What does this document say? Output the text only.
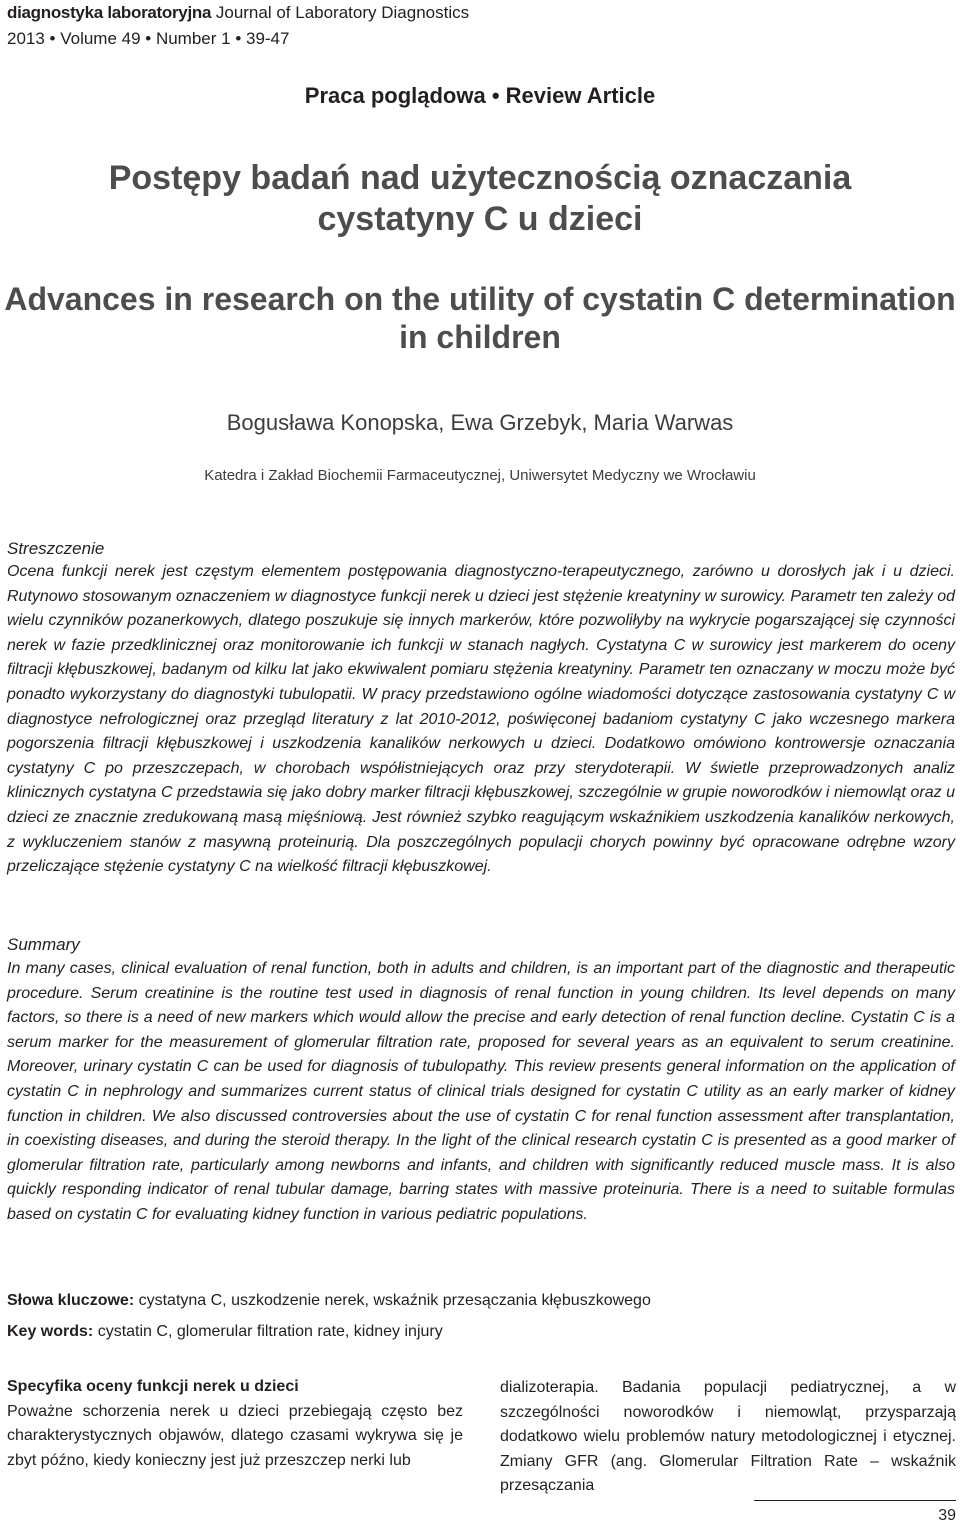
diagnostyka laboratoryjna Journal of Laboratory Diagnostics
2013 • Volume 49 • Number 1 • 39-47
Praca poglądowa • Review Article
Postępy badań nad użytecznością oznaczania cystatyny C u dzieci
Advances in research on the utility of cystatin C determination in children
Bogusława Konopska, Ewa Grzebyk, Maria Warwas
Katedra i Zakład Biochemii Farmaceutycznej, Uniwersytet Medyczny we Wrocławiu
Streszczenie

Ocena funkcji nerek jest częstym elementem postępowania diagnostyczno-terapeutycznego, zarówno u dorosłych jak i u dzieci. Rutynowo stosowanym oznaczeniem w diagnostyce funkcji nerek u dzieci jest stężenie kreatyniny w surowicy. Parametr ten zależy od wielu czynników pozanerkowych, dlatego poszukuje się innych markerów, które pozwoliłyby na wykrycie pogarszającej się czynności nerek w fazie przedklinicznej oraz monitorowanie ich funkcji w stanach nagłych. Cystatyna C w surowicy jest markerem do oceny filtracji kłębuszkowej, badanym od kilku lat jako ekwiwalent pomiaru stężenia kreatyniny. Parametr ten oznaczany w moczu może być ponadto wykorzystany do diagnostyki tubulopatii. W pracy przedstawiono ogólne wiadomości dotyczące zastosowania cystatyny C w diagnostyce nefrologicznej oraz przegląd literatury z lat 2010-2012, poświęconej badaniom cystatyny C jako wczesnego markera pogorszenia filtracji kłębuszkowej i uszkodzenia kanalików nerkowych u dzieci. Dodatkowo omówiono kontrowersje oznaczania cystatyny C po przeszczepach, w chorobach współistniejących oraz przy sterydoterapii. W świetle przeprowadzonych analiz klinicznych cystatyna C przedstawia się jako dobry marker filtracji kłębuszkowej, szczególnie w grupie noworodków i niemowląt oraz u dzieci ze znacznie zredukowaną masą mięśniową. Jest również szybko reagującym wskaźnikiem uszkodzenia kanalików nerkowych, z wykluczeniem stanów z masywną proteinurią. Dla poszczególnych populacji chorych powinny być opracowane odrębne wzory przeliczające stężenie cystatyny C na wielkość filtracji kłębuszkowej.

Summary

In many cases, clinical evaluation of renal function, both in adults and children, is an important part of the diagnostic and therapeutic procedure. Serum creatinine is the routine test used in diagnosis of renal function in young children. Its level depends on many factors, so there is a need of new markers which would allow the precise and early detection of renal function decline. Cystatin C is a serum marker for the measurement of glomerular filtration rate, proposed for several years as an equivalent to serum creatinine. Moreover, urinary cystatin C can be used for diagnosis of tubulopathy. This review presents general information on the application of cystatin C in nephrology and summarizes current status of clinical trials designed for cystatin C utility as an early marker of kidney function in children. We also discussed controversies about the use of cystatin C for renal function assessment after transplantation, in coexisting diseases, and during the steroid therapy. In the light of the clinical research cystatin C is presented as a good marker of glomerular filtration rate, particularly among newborns and infants, and children with significantly reduced muscle mass. It is also quickly responding indicator of renal tubular damage, barring states with massive proteinuria. There is a need to suitable formulas based on cystatin C for evaluating kidney function in various pediatric populations.

Słowa kluczowe: cystatyna C, uszkodzenie nerek, wskaźnik przesączania kłębuszkowego
Key words: cystatin C, glomerular filtration rate, kidney injury
Specyfika oceny funkcji nerek u dzieci
Poważne schorzenia nerek u dzieci przebiegają często bez charakterystycznych objawów, dlatego czasami wykrywa się je zbyt późno, kiedy konieczny jest już przeszczep nerki lub
dializoterapia. Badania populacji pediatrycznej, a w szczególności noworodków i niemowląt, przysparzają dodatkowo wielu problemów natury metodologicznej i etycznej. Zmiany GFR (ang. Glomerular Filtration Rate – wskaźnik przesączania
39
